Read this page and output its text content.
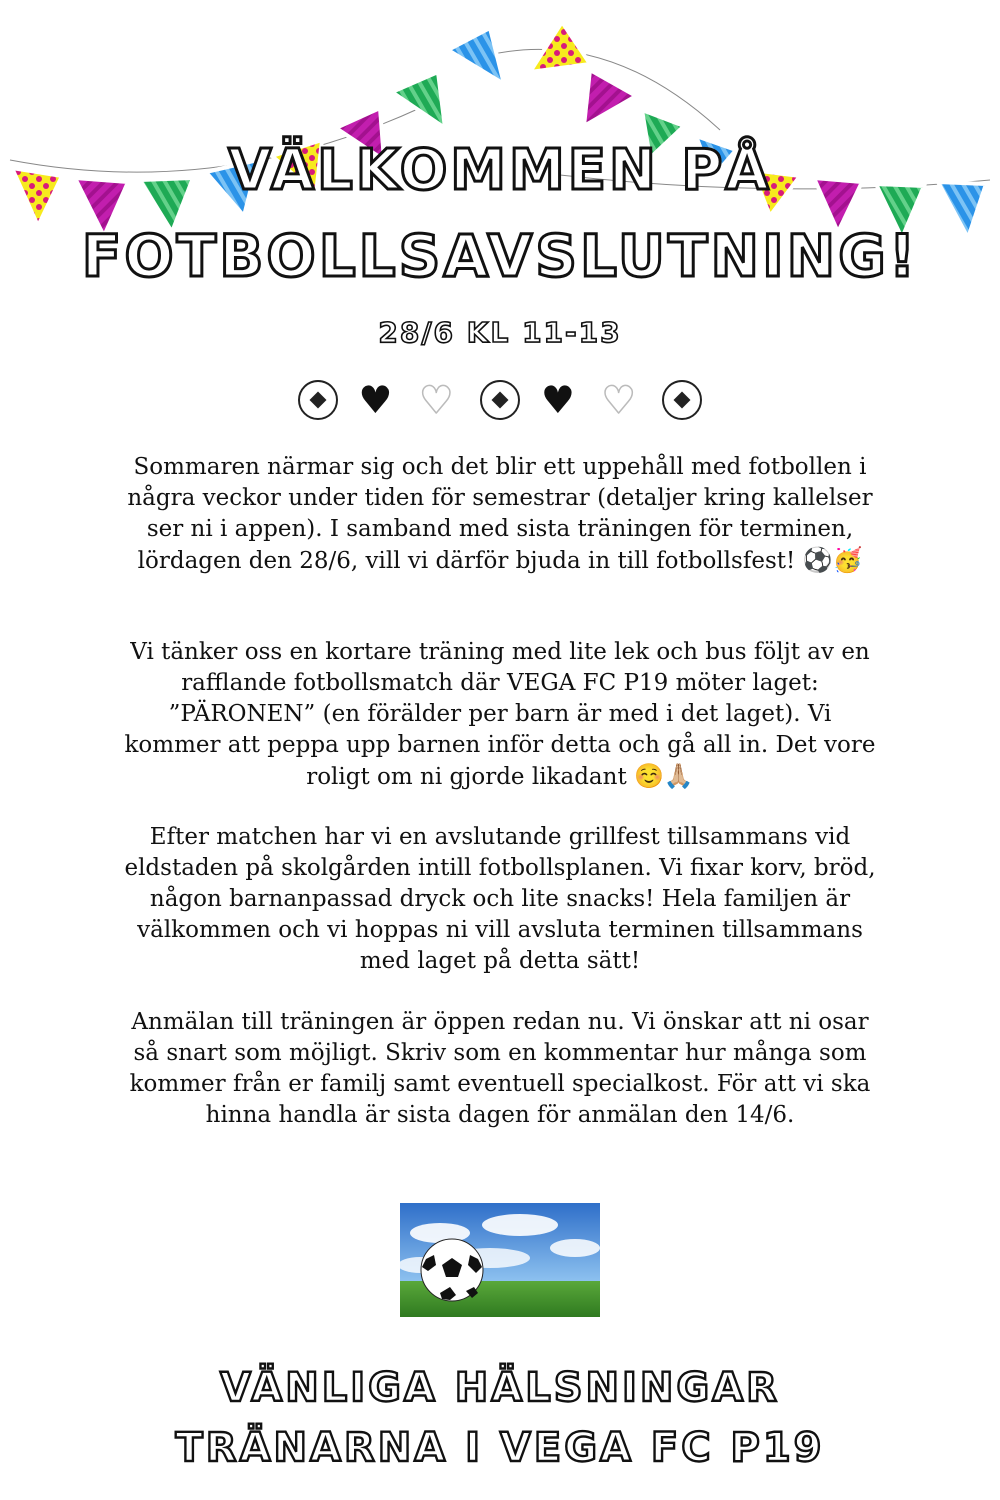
VÄLKOMMEN PÅ
FOTBOLLSAVSLUTNING!
28/6 KL 11-13
♥ ♥ ♥ ♥

Sommaren närmar sig och det blir ett uppehåll med fotbollen i några veckor under tiden för semestrar (detaljer kring kallelser ser ni i appen). I samband med sista träningen för terminen, lördagen den 28/6, vill vi därför bjuda in till fotbollsfest! ⚽🥳

Vi tänker oss en kortare träning med lite lek och bus följt av en rafflande fotbollsmatch där VEGA FC P19 möter laget: ”PÄRONEN” (en förälder per barn är med i det laget). Vi kommer att peppa upp barnen inför detta och gå all in. Det vore roligt om ni gjorde likadant ☺️🙏🏼

Efter matchen har vi en avslutande grillfest tillsammans vid eldstaden på skolgården intill fotbollsplanen. Vi fixar korv, bröd, någon barnanpassad dryck och lite snacks! Hela familjen är välkommen och vi hoppas ni vill avsluta terminen tillsammans med laget på detta sätt!

Anmälan till träningen är öppen redan nu. Vi önskar att ni osar så snart som möjligt. Skriv som en kommentar hur många som kommer från er familj samt eventuell specialkost. För att vi ska hinna handla är sista dagen för anmälan den 14/6.

VÄNLIGA HÄLSNINGAR
TRÄNARNA I VEGA FC P19
